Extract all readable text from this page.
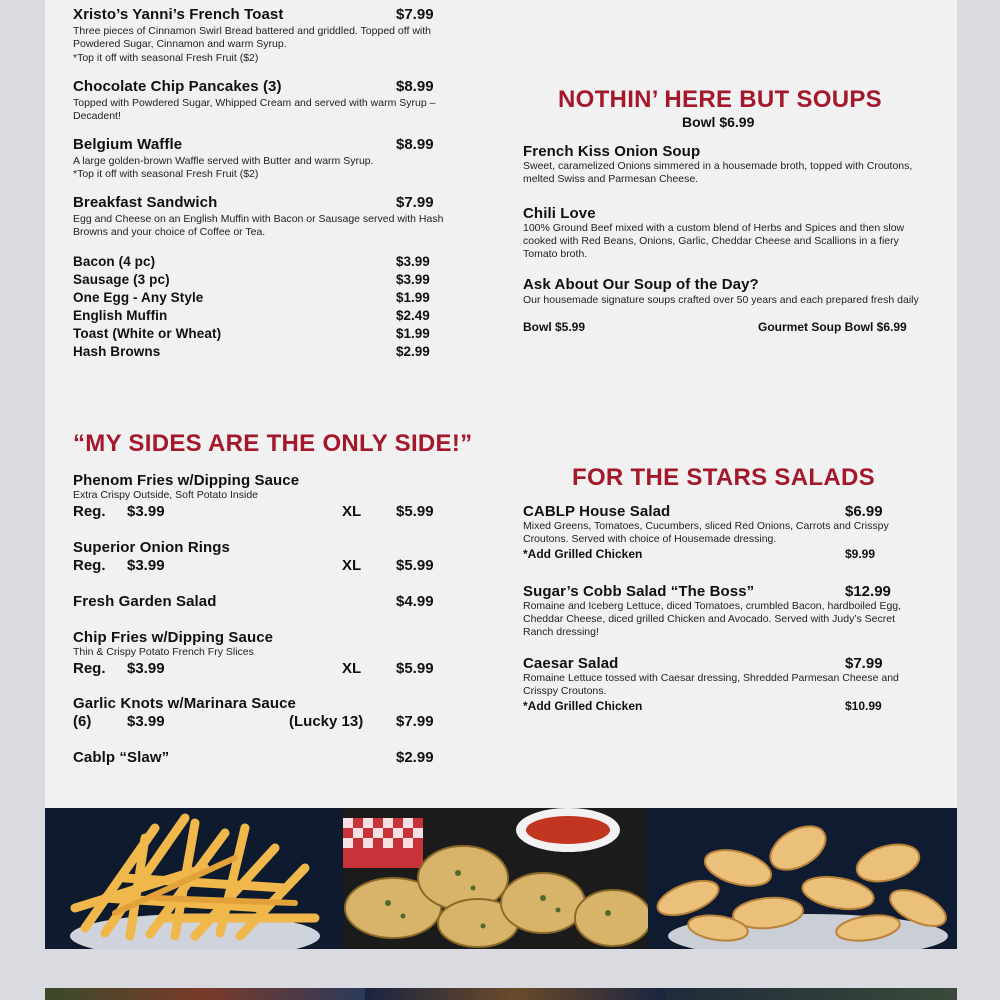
Xristo’s Yanni’s French Toast	$7.99
Three pieces of Cinnamon Swirl Bread battered and griddled. Topped off with Powdered Sugar, Cinnamon and warm Syrup.
*Top it off with seasonal Fresh Fruit ($2)
Chocolate Chip Pancakes (3)	$8.99
Topped with Powdered Sugar, Whipped Cream and served with warm Syrup – Decadent!
Belgium Waffle	$8.99
A large golden-brown Waffle served with Butter and warm Syrup.
*Top it off with seasonal Fresh Fruit ($2)
Breakfast Sandwich	$7.99
Egg and Cheese on an English Muffin with Bacon or Sausage served with Hash Browns and your choice of Coffee or Tea.
Bacon (4 pc)	$3.99
Sausage (3 pc)	$3.99
One Egg - Any Style	$1.99
English Muffin	$2.49
Toast (White or Wheat)	$1.99
Hash Browns	$2.99
NOTHIN’ HERE BUT SOUPS
Bowl $6.99
French Kiss Onion Soup
Sweet, caramelized Onions simmered in a housemade broth, topped with Croutons, melted Swiss and Parmesan Cheese.
Chili Love
100% Ground Beef mixed with a custom blend of Herbs and Spices and then slow cooked with Red Beans, Onions, Garlic, Cheddar Cheese and Scallions in a fiery Tomato broth.
Ask About Our Soup of the Day?
Our housemade signature soups crafted over 50 years and each prepared fresh daily
Bowl $5.99	Gourmet Soup Bowl $6.99
“MY SIDES ARE THE ONLY SIDE!”
Phenom Fries w/Dipping Sauce
Extra Crispy Outside, Soft Potato Inside
Reg. $3.99	XL $5.99
Superior Onion Rings
Reg. $3.99	XL $5.99
Fresh Garden Salad	$4.99
Chip Fries w/Dipping Sauce
Thin & Crispy Potato French Fry Slices
Reg. $3.99	XL $5.99
Garlic Knots w/Marinara Sauce
(6) $3.99	(Lucky 13) $7.99
Cablp “Slaw”	$2.99
FOR THE STARS SALADS
CABLP House Salad	$6.99
Mixed Greens, Tomatoes, Cucumbers, sliced Red Onions, Carrots and Crisspy Croutons. Served with choice of Housemade dressing.
*Add Grilled Chicken	$9.99
Sugar’s Cobb Salad “The Boss”	$12.99
Romaine and Iceberg Lettuce, diced Tomatoes, crumbled Bacon, hardboiled Egg, Cheddar Cheese, diced grilled Chicken and Avocado. Served with Judy’s Secret Ranch dressing!
Caesar Salad	$7.99
Romaine Lettuce tossed with Caesar dressing, Shredded Parmesan Cheese and Crisspy Croutons.
*Add Grilled Chicken	$10.99
